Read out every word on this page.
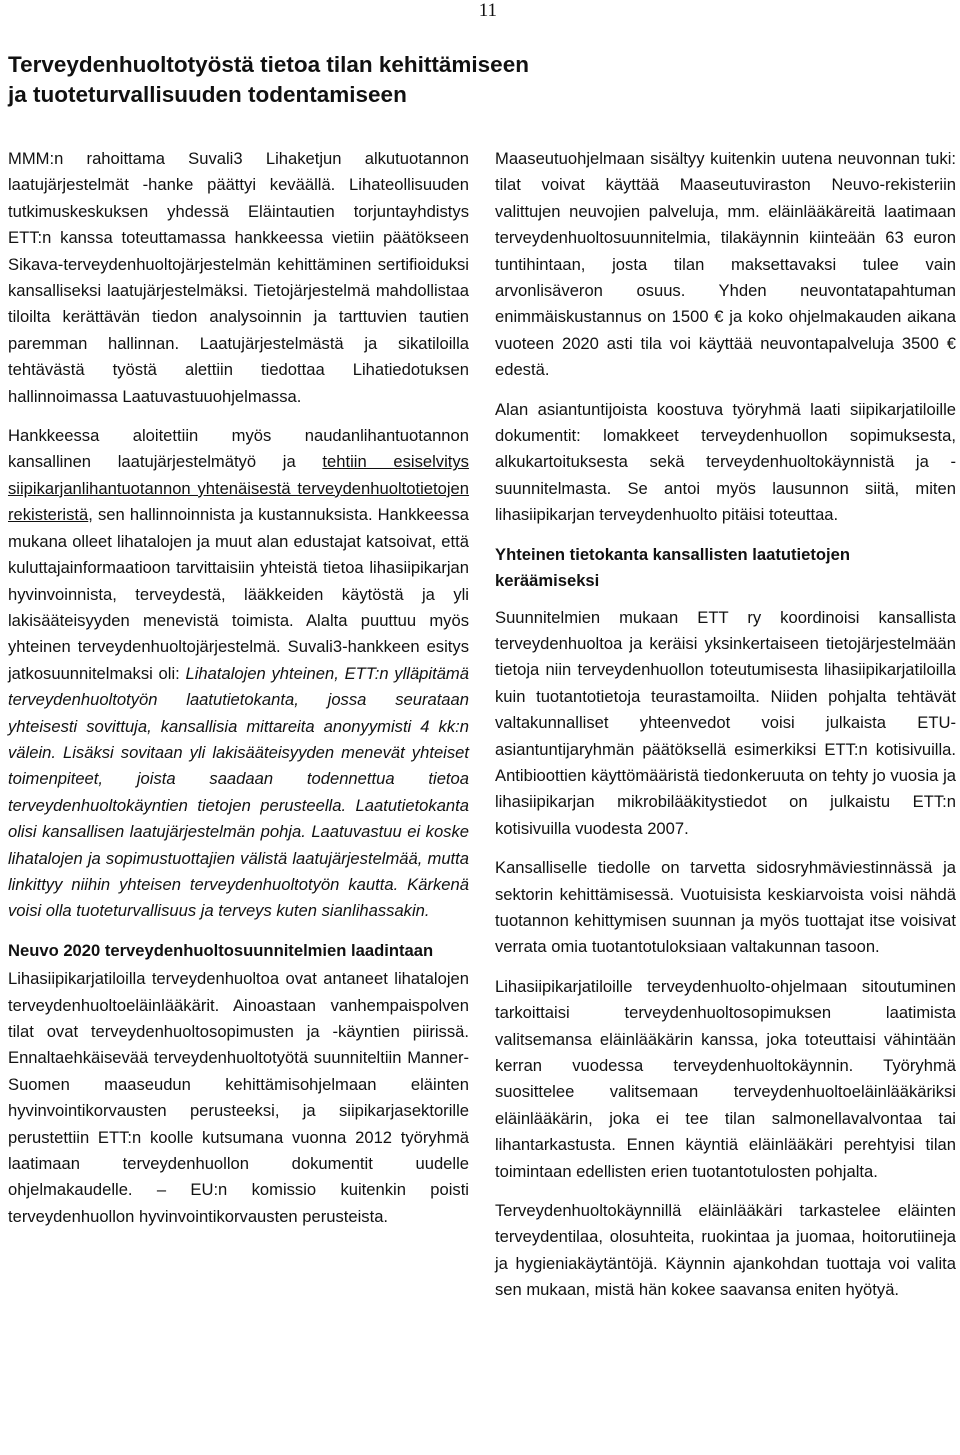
11
Terveydenhuoltotyöstä tietoa tilan kehittämiseen
ja tuoteturvallisuuden todentamiseen

MMM:n rahoittama Suvali3 Lihaketjun alkutuotannon laatujärjestelmät -hanke päättyi keväällä. Lihateollisuuden tutkimuskeskuksen yhdessä Eläintautien torjuntayhdistys ETT:n kanssa toteuttamassa hankkeessa vietiin päätökseen Sikava-terveydenhuoltojärjestelmän kehittäminen sertifioiduksi kansalliseksi laatujärjestelmäksi. Tietojärjestelmä mahdollistaa tiloilta kerättävän tiedon analysoinnin ja tarttuvien tautien paremman hallinnan. Laatujärjestelmästä ja sikatiloilla tehtävästä työstä alettiin tiedottaa Lihatiedotuksen hallinnoimassa Laatuvastuuohjelmassa.

Hankkeessa aloitettiin myös naudanlihantuotannon kansallinen laatujärjestelmätyö ja tehtiin esiselvitys siipikarjanlihantuotannon yhtenäisestä terveydenhuoltotietojen rekisteristä, sen hallinnoinnista ja kustannuksista. Hankkeessa mukana olleet lihatalojen ja muut alan edustajat katsoivat, että kuluttajainformaatioon tarvittaisiin yhteistä tietoa lihasiipikarjan hyvinvoinnista, terveydestä, lääkkeiden käytöstä ja yli lakisääteisyyden menevistä toimista. Alalta puuttuu myös yhteinen terveydenhuoltojärjestelmä. Suvali3-hankkeen esitys jatkosuunnitelmaksi oli: Lihatalojen yhteinen, ETT:n ylläpitämä terveydenhuoltotyön laatutietokanta, jossa seurataan yhteisesti sovittuja, kansallisia mittareita anonyymisti 4 kk:n välein. Lisäksi sovitaan yli lakisääteisyyden menevät yhteiset toimenpiteet, joista saadaan todennettua tietoa terveydenhuoltokäyntien tietojen perusteella. Laatutietokanta olisi kansallisen laatujärjestelmän pohja. Laatuvastuu ei koske lihatalojen ja sopimustuottajien välistä laatujärjestelmää, mutta linkittyy niihin yhteisen terveydenhuoltotyön kautta. Kärkenä voisi olla tuoteturvallisuus ja terveys kuten sianlihassakin.

Neuvo 2020 terveydenhuoltosuunnitelmien laadintaan

Lihasiipikarjatiloilla terveydenhuoltoa ovat antaneet lihatalojen terveydenhuoltoeläinlääkärit. Ainoastaan vanhempaispolven tilat ovat terveydenhuoltosopimusten ja -käyntien piirissä. Ennaltaehkäisevää terveydenhuoltotyötä suunniteltiin Manner-Suomen maaseudun kehittämisohjelmaan eläinten hyvinvointikorvausten perusteeksi, ja siipikarjasektorille perustettiin ETT:n koolle kutsumana vuonna 2012 työryhmä laatimaan terveydenhuollon dokumentit uudelle ohjelmakaudelle. – EU:n komissio kuitenkin poisti terveydenhuollon hyvinvointikorvausten perusteista.

Maaseutuohjelmaan sisältyy kuitenkin uutena neuvonnan tuki: tilat voivat käyttää Maaseutuviraston Neuvo-rekisteriin valittujen neuvojien palveluja, mm. eläinlääkäreitä laatimaan terveydenhuoltosuunnitelmia, tilakäynnin kiinteään 63 euron tuntihintaan, josta tilan maksettavaksi tulee vain arvonlisäveron osuus. Yhden neuvontatapahtuman enimmäiskustannus on 1500 € ja koko ohjelmakauden aikana vuoteen 2020 asti tila voi käyttää neuvontapalveluja 3500 € edestä.

Alan asiantuntijoista koostuva työryhmä laati siipikarjatiloille dokumentit: lomakkeet terveydenhuollon sopimuksesta, alkukartoituksesta sekä terveydenhuoltokäynnistä ja -suunnitelmasta. Se antoi myös lausunnon siitä, miten lihasiipikarjan terveydenhuolto pitäisi toteuttaa.

Yhteinen tietokanta kansallisten laatutietojen keräämiseksi

Suunnitelmien mukaan ETT ry koordinoisi kansallista terveydenhuoltoa ja keräisi yksinkertaiseen tietojärjestelmään tietoja niin terveydenhuollon toteutumisesta lihasiipikarjatiloilla kuin tuotantotietoja teurastamoilta. Niiden pohjalta tehtävät valtakunnalliset yhteenvedot voisi julkaista ETU-asiantuntijaryhmän päätöksellä esimerkiksi ETT:n kotisivuilla. Antibioottien käyttömääristä tiedonkeruuta on tehty jo vuosia ja lihasiipikarjan mikrobilääkitystiedot on julkaistu ETT:n kotisivuilla vuodesta 2007.

Kansalliselle tiedolle on tarvetta sidosryhmäviestinnässä ja sektorin kehittämisessä. Vuotuisista keskiarvoista voisi nähdä tuotannon kehittymisen suunnan ja myös tuottajat itse voisivat verrata omia tuotantotuloksiaan valtakunnan tasoon.

Lihasiipikarjatiloille terveydenhuolto-ohjelmaan sitoutuminen tarkoittaisi terveydenhuoltosopimuksen laatimista valitsemansa eläinlääkärin kanssa, joka toteuttaisi vähintään kerran vuodessa terveydenhuoltokäynnin. Työryhmä suosittelee valitsemaan terveydenhuoltoeläinlääkäriksi eläinlääkärin, joka ei tee tilan salmonellavalvontaa tai lihantarkastusta. Ennen käyntiä eläinlääkäri perehtyisi tilan toimintaan edellisten erien tuotantotulosten pohjalta.

Terveydenhuoltokäynnillä eläinlääkäri tarkastelee eläinten terveydentilaa, olosuhteita, ruokintaa ja juomaa, hoitorutiineja ja hygieniakäytäntöjä. Käynnin ajankohdan tuottaja voi valita sen mukaan, mistä hän kokee saavansa eniten hyötyä.
